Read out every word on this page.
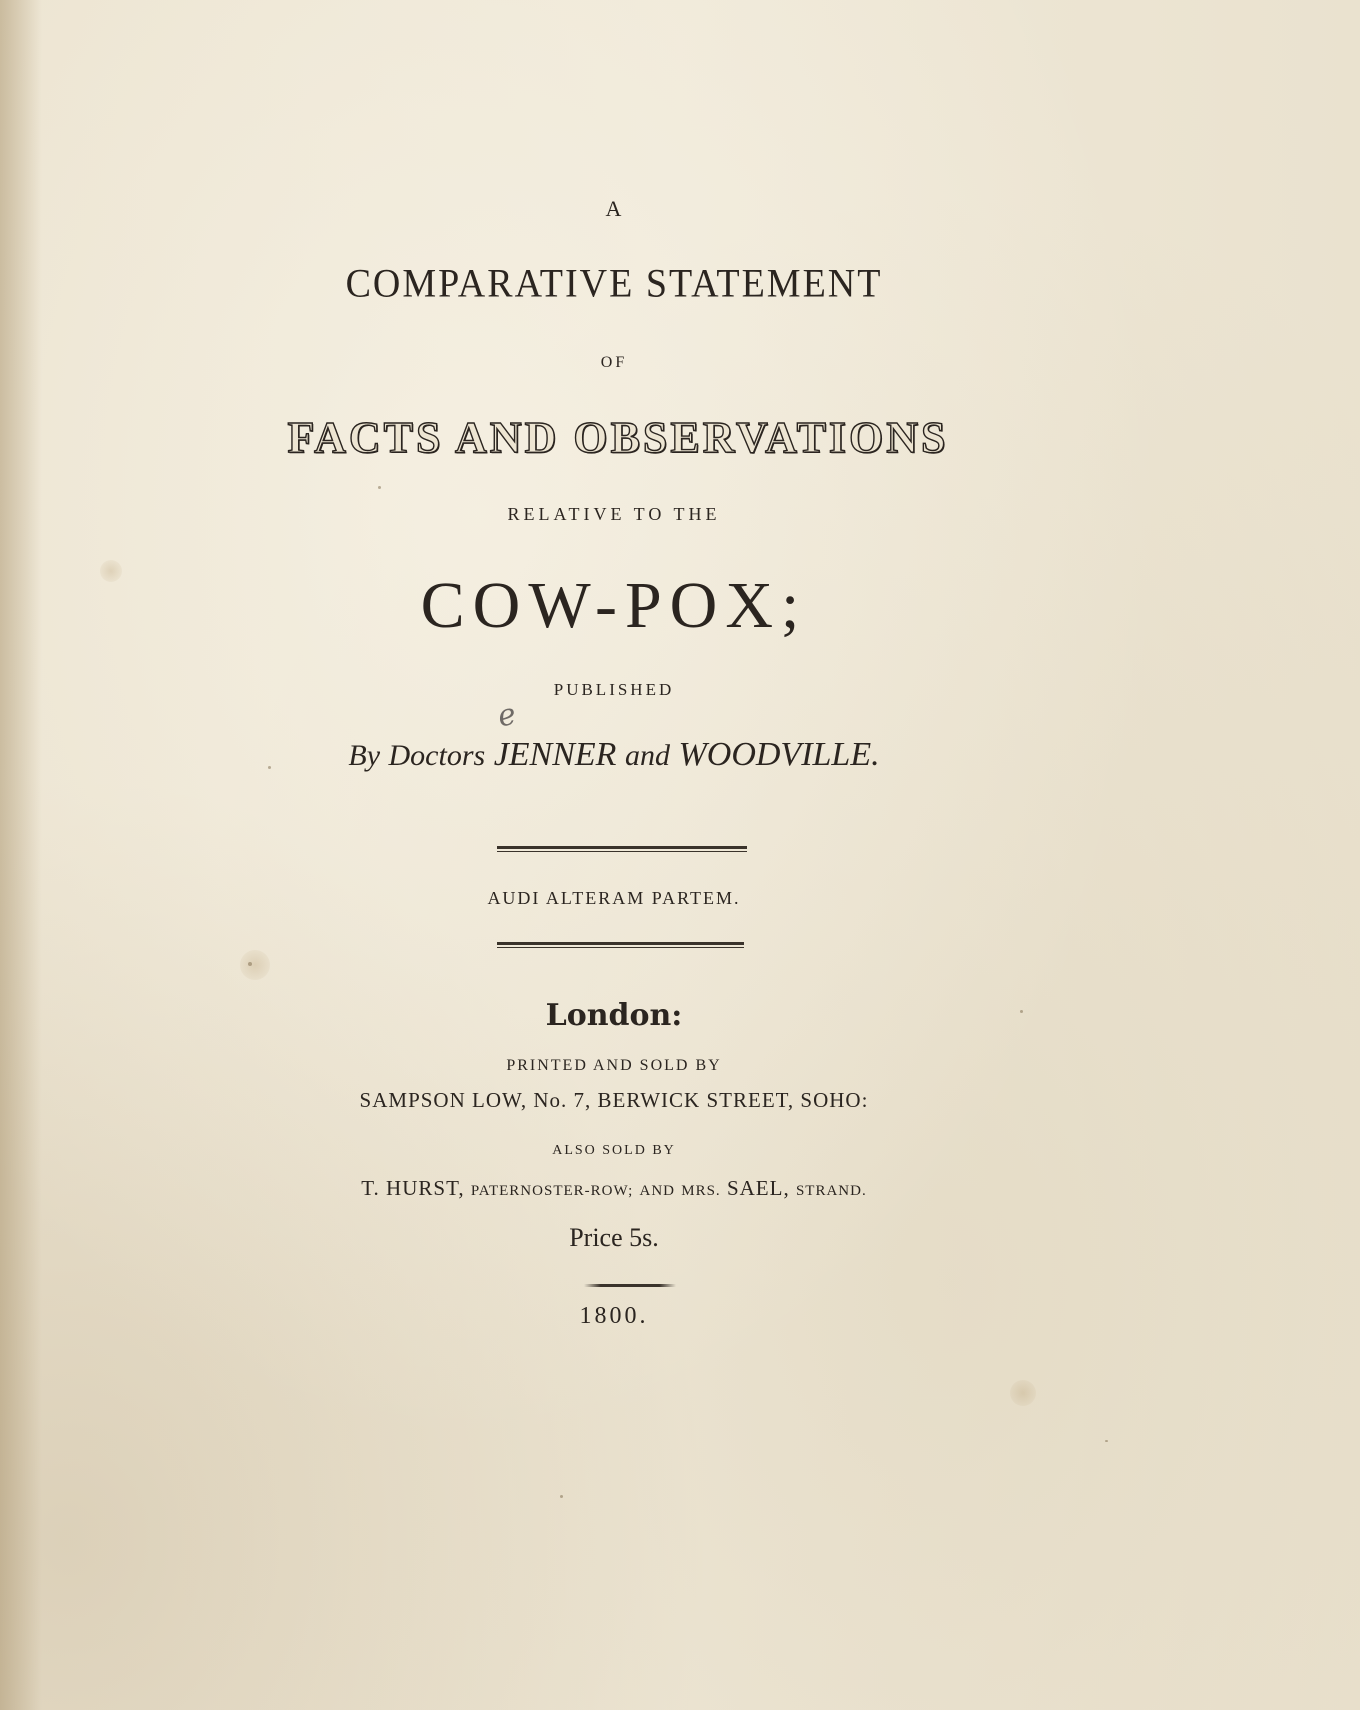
A
COMPARATIVE STATEMENT
OF
FACTS AND OBSERVATIONS
RELATIVE TO THE
COW-POX;
PUBLISHED
e
By Doctors JENNER and WOODVILLE.
AUDI ALTERAM PARTEM.
London:
PRINTED AND SOLD BY
SAMPSON LOW, No. 7, BERWICK STREET, SOHO:
ALSO SOLD BY
T. HURST, PATERNOSTER-ROW; AND MRS. SAEL, STRAND.
Price 5s.
1800.
